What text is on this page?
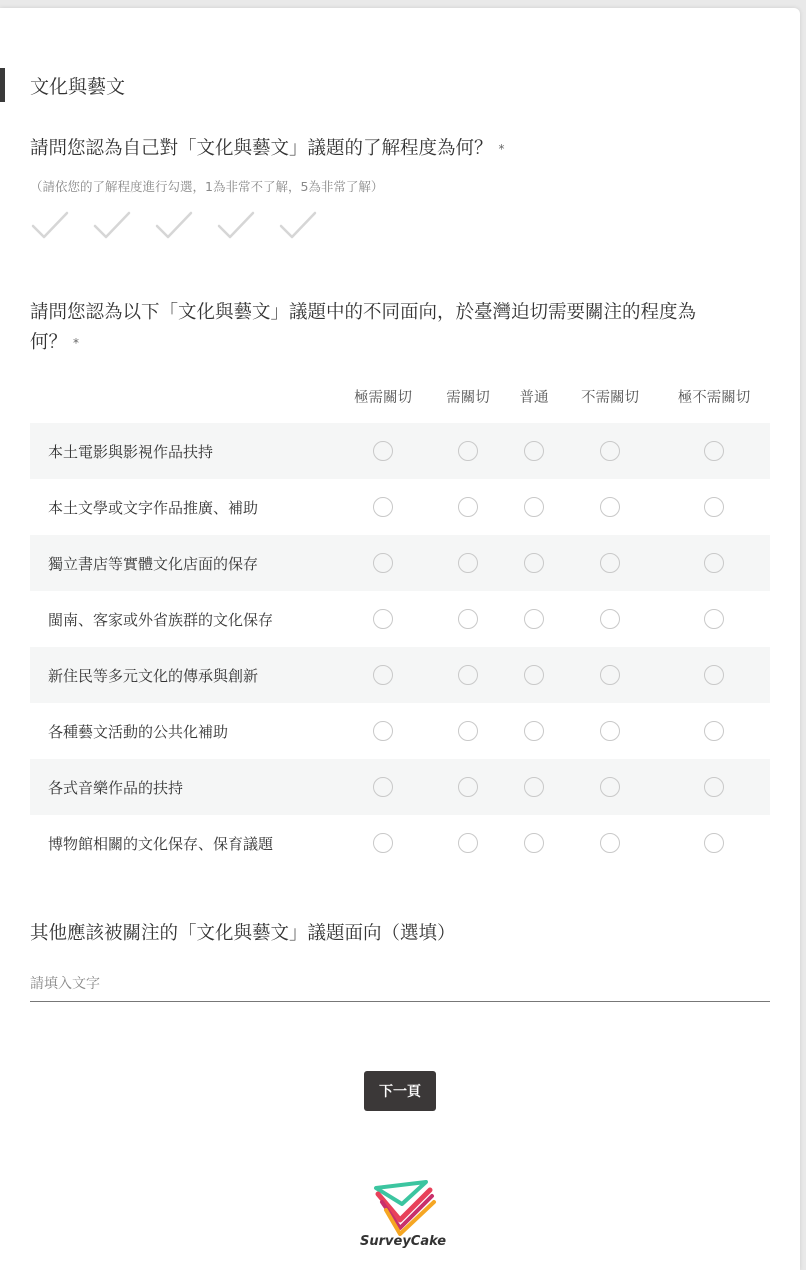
文化與藝文
請問您認為自己對「文化與藝文」議題的了解程度為何？ *
（請依您的了解程度進行勾選，1為非常不了解，5為非常了解）
請問您認為以下「文化與藝文」議題中的不同面向，於臺灣迫切需要關注的程度為
何？ *
極需關切 需關切 普通 不需關切	極不需關切
本土電影與影視作品扶持
本土文學或文字作品推廣、補助
獨立書店等實體文化店面的保存
閩南、客家或外省族群的文化保存
新住民等多元文化的傳承與創新
各種藝文活動的公共化補助
各式音樂作品的扶持
博物館相關的文化保存、保育議題
其他應該被關注的「文化與藝文」議題面向（選填）
請填入文字
下一頁
SurveyCake
